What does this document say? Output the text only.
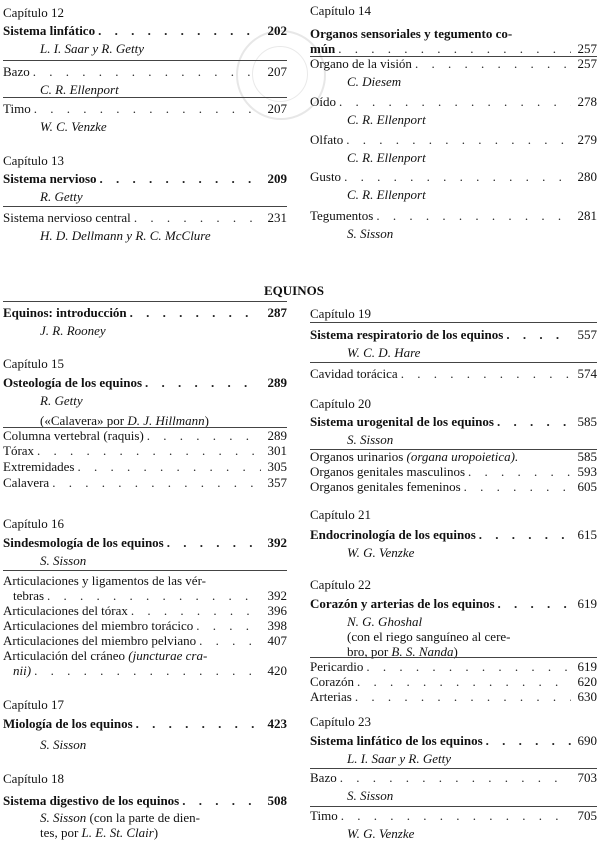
Capítulo 12
Sistema linfático . . .	202
L. I. Saar y R. Getty
Bazo . . .	207
C. R. Ellenport
Timo . . .	207
W. C. Venzke
Capítulo 13
Sistema nervioso . . .	209
R. Getty
Sistema nervioso central . . .	231
H. D. Dellmann y R. C. McClure
Equinos: introducción . . .	287
J. R. Rooney
Capítulo 15
Osteología de los equinos . . .	289
R. Getty
(«Calavera» por D. J. Hillmann)
Columna vertebral (raquis) . . .	289
Tórax . . .	301
Extremidades . . .	305
Calavera . . .	357
Capítulo 16
Sindesmología de los equinos . . .	392
S. Sisson
Articulaciones y ligamentos de las vér-
tebras . . .	392
Articulaciones del tórax . . .	396
Articulaciones del miembro torácico . . .	398
Articulaciones del miembro pelviano . . .	407
Articulación del cráneo (juncturae cra-
nii) . . .	420
Capítulo 17
Miología de los equinos . . .	423
S. Sisson
Capítulo 18
Sistema digestivo de los equinos . . .	508
S. Sisson (con la parte de dien-
tes, por L. E. St. Clair)
Capítulo 14
Organos sensoriales y tegumento co-
mún . . .	257
Organo de la visión . . .	257
C. Diesem
Oído . . .	278
C. R. Ellenport
Olfato . . .	279
C. R. Ellenport
Gusto . . .	280
C. R. Ellenport
Tegumentos . . .	281
S. Sisson
Capítulo 19
Sistema respiratorio de los equinos . . .	557
W. C. D. Hare
Cavidad torácica . . .	574
Capítulo 20
Sistema urogenital de los equinos . . .	585
S. Sisson
Organos urinarios (organa uropoietica).	585
Organos genitales masculinos . . .	593
Organos genitales femeninos . . .	605
Capítulo 21
Endocrinología de los equinos . . .	615
W. G. Venzke
Capítulo 22
Corazón y arterias de los equinos . . .	619
N. G. Ghoshal
(con el riego sanguíneo al cere-
bro, por B. S. Nanda)
Pericardio . . .	619
Corazón . . .	620
Arterias . . .	630
Capítulo 23
Sistema linfático de los equinos . . .	690
L. I. Saar y R. Getty
Bazo . . .	703
S. Sisson
Timo . . .	705
W. G. Venzke
EQUINOS
